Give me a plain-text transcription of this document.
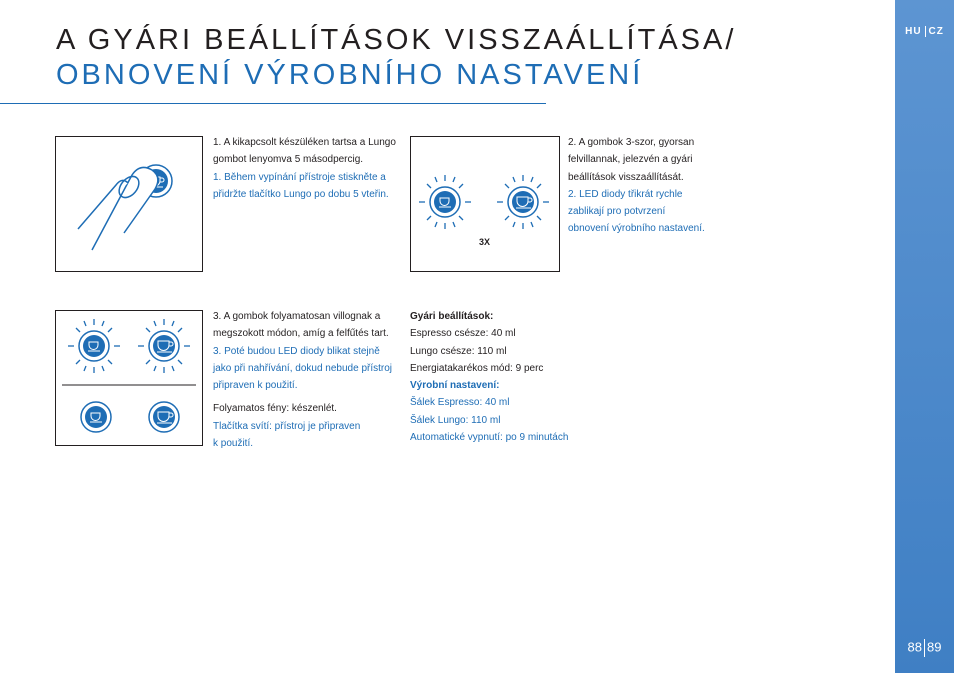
HU CZ
88 89
A GYÁRI BEÁLLÍTÁSOK VISSZAÁLLÍTÁSA/
OBNOVENÍ VÝROBNÍHO NASTAVENÍ

1. A kikapcsolt készüléken tartsa a Lungo gombot lenyomva 5 másodpercig.

1. Během vypínání přístroje stiskněte a přidržte tlačítko Lungo po dobu 5 vteřin.

3X

2. A gombok 3-szor, gyorsan felvillannak, jelezvén a gyári beállítások visszaállítását.

2. LED diody třikrát rychle zablikají pro potvrzení obnovení výrobního nastavení.

3. A gombok folyamatosan villognak a megszokott módon, amíg a felfűtés tart.

3. Poté budou LED diody blikat stejně jako při nahřívání, dokud nebude přístroj připraven k použití.

Folyamatos fény: készenlét.

Tlačítka svítí: přístroj je připraven

k použití.

Gyári beállítások:

Espresso csésze: 40 ml

Lungo csésze: 110 ml

Energiatakarékos mód: 9 perc

Výrobní nastavení:

Šálek Espresso: 40 ml

Šálek Lungo: 110 ml

Automatické vypnutí: po 9 minutách
